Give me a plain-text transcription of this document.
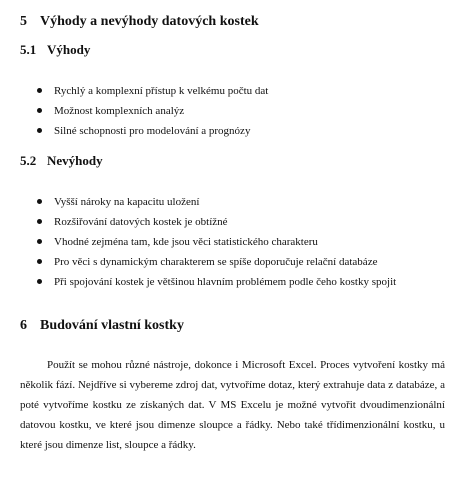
5 Výhody a nevýhody datových kostek
5.1 Výhody
Rychlý a komplexní přístup k velkému počtu dat
Možnost komplexních analýz
Silné schopnosti pro modelování a prognózy
5.2 Nevýhody
Vyšší nároky na kapacitu uložení
Rozšiřování datových kostek je obtížné
Vhodné zejména tam, kde jsou věci statistického charakteru
Pro věci s dynamickým charakterem se spíše doporučuje relační databáze
Při spojování kostek je většinou hlavním problémem podle čeho kostky spojit
6 Budování vlastní kostky

Použít se mohou různé nástroje, dokonce i Microsoft Excel. Proces vytvoření kostky má několik fází. Nejdříve si vybereme zdroj dat, vytvoříme dotaz, který extrahuje data z databáze, a poté vytvoříme kostku ze získaných dat. V MS Excelu je možné vytvořit dvoudimenzionální datovou kostku, ve které jsou dimenze sloupce a řádky. Nebo také třídimenzionální kostku, u které jsou dimenze list, sloupce a řádky.
